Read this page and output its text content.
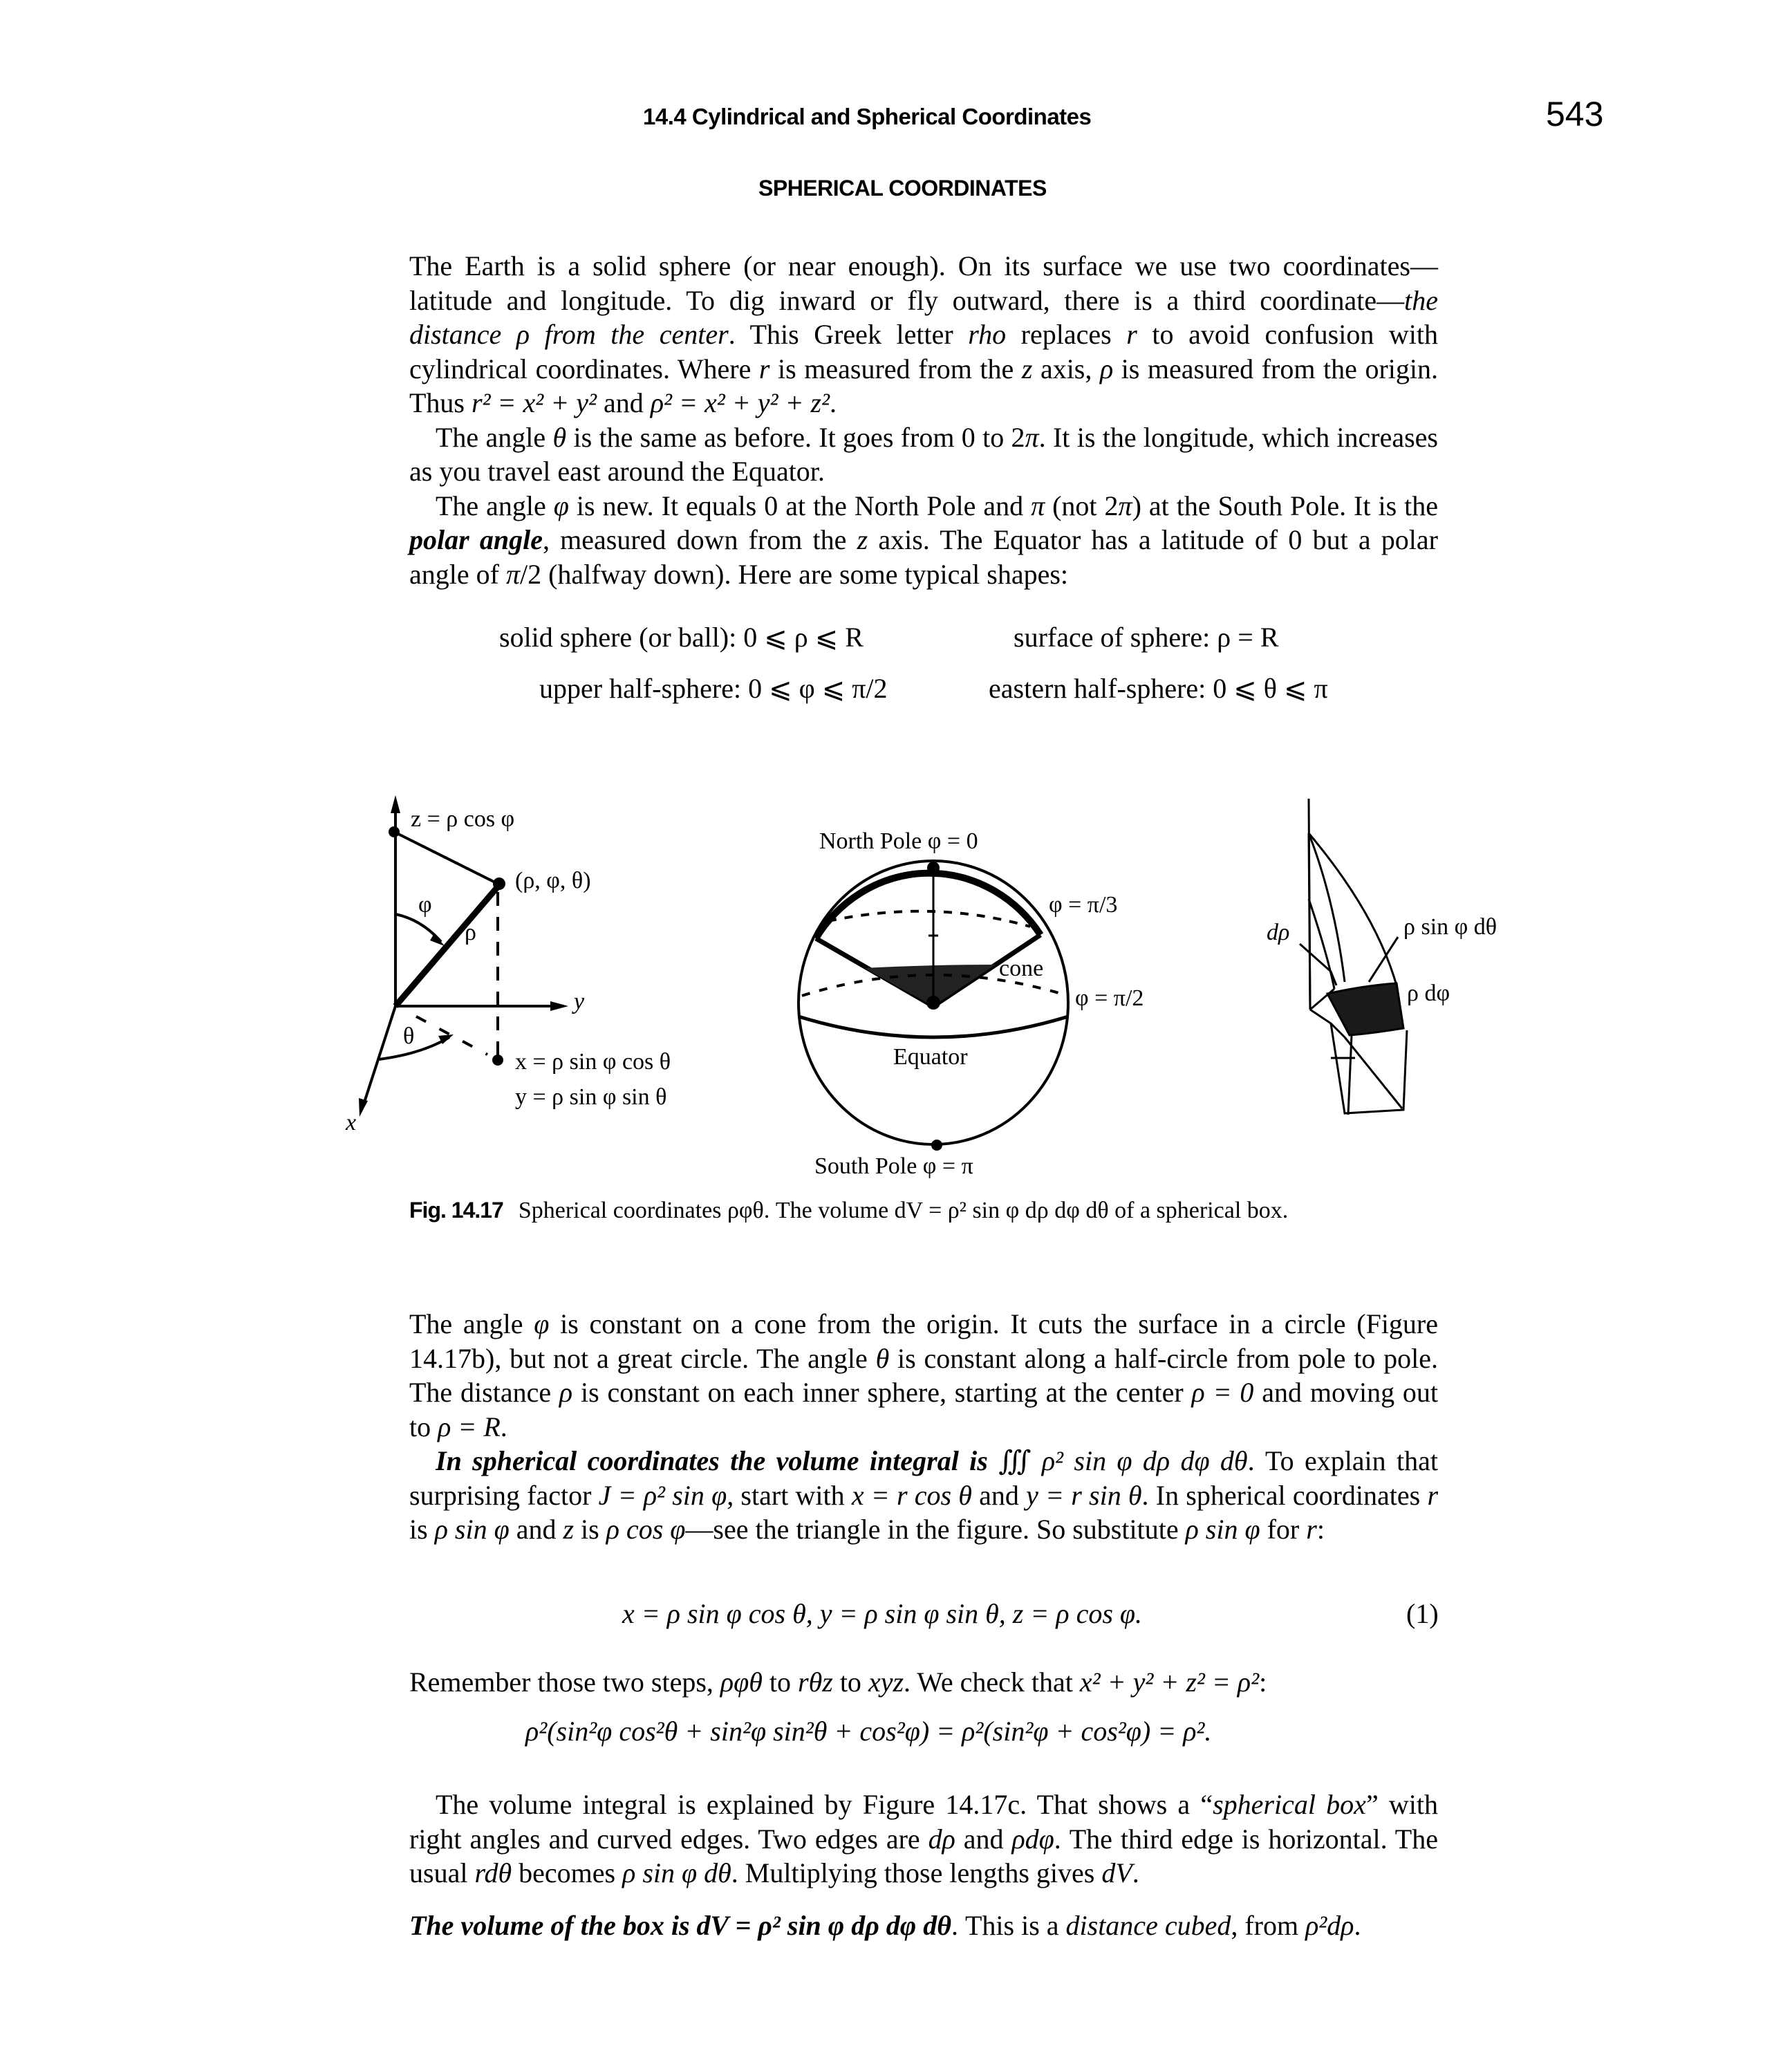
14.4 Cylindrical and Spherical Coordinates	543
SPHERICAL COORDINATES

The Earth is a solid sphere (or near enough). On its surface we use two coordinates—latitude and longitude. To dig inward or fly outward, there is a third coordinate—the distance ρ from the center. This Greek letter rho replaces r to avoid confusion with cylindrical coordinates. Where r is measured from the z axis, ρ is measured from the origin. Thus r² = x² + y² and ρ² = x² + y² + z².

The angle θ is the same as before. It goes from 0 to 2π. It is the longitude, which increases as you travel east around the Equator.

The angle φ is new. It equals 0 at the North Pole and π (not 2π) at the South Pole. It is the polar angle, measured down from the z axis. The Equator has a latitude of 0 but a polar angle of π/2 (halfway down). Here are some typical shapes:

solid sphere (or ball): 0 ⩽ ρ ⩽ R	surface of sphere: ρ = R
upper half-sphere: 0 ⩽ φ ⩽ π/2	eastern half-sphere: 0 ⩽ θ ⩽ π
z = ρ cos φ
(ρ, φ, θ)
φ
ρ
y
x
θ
x = ρ sin φ cos θ
y = ρ sin φ sin θ
North Pole φ = 0
φ = π/3
cone
φ = π/2
Equator
South Pole φ = π
dρ	ρ sin φ dθ
ρ dφ
Fig. 14.17 Spherical coordinates ρφθ. The volume dV = ρ² sin φ dρ dφ dθ of a spherical box.

The angle φ is constant on a cone from the origin. It cuts the surface in a circle (Figure 14.17b), but not a great circle. The angle θ is constant along a half-circle from pole to pole. The distance ρ is constant on each inner sphere, starting at the center ρ = 0 and moving out to ρ = R.

In spherical coordinates the volume integral is ∭ ρ² sin φ dρ dφ dθ. To explain that surprising factor J = ρ² sin φ, start with x = r cos θ and y = r sin θ. In spherical coordinates r is ρ sin φ and z is ρ cos φ—see the triangle in the figure. So substitute ρ sin φ for r:

x = ρ sin φ cos θ, y = ρ sin φ sin θ, z = ρ cos φ.	(1)

Remember those two steps, ρφθ to rθz to xyz. We check that x² + y² + z² = ρ²:

ρ²(sin²φ cos²θ + sin²φ sin²θ + cos²φ) = ρ²(sin²φ + cos²φ) = ρ².

The volume integral is explained by Figure 14.17c. That shows a “spherical box” with right angles and curved edges. Two edges are dρ and ρdφ. The third edge is horizontal. The usual rdθ becomes ρ sin φ dθ. Multiplying those lengths gives dV.

The volume of the box is dV = ρ² sin φ dρ dφ dθ. This is a distance cubed, from ρ²dρ.
